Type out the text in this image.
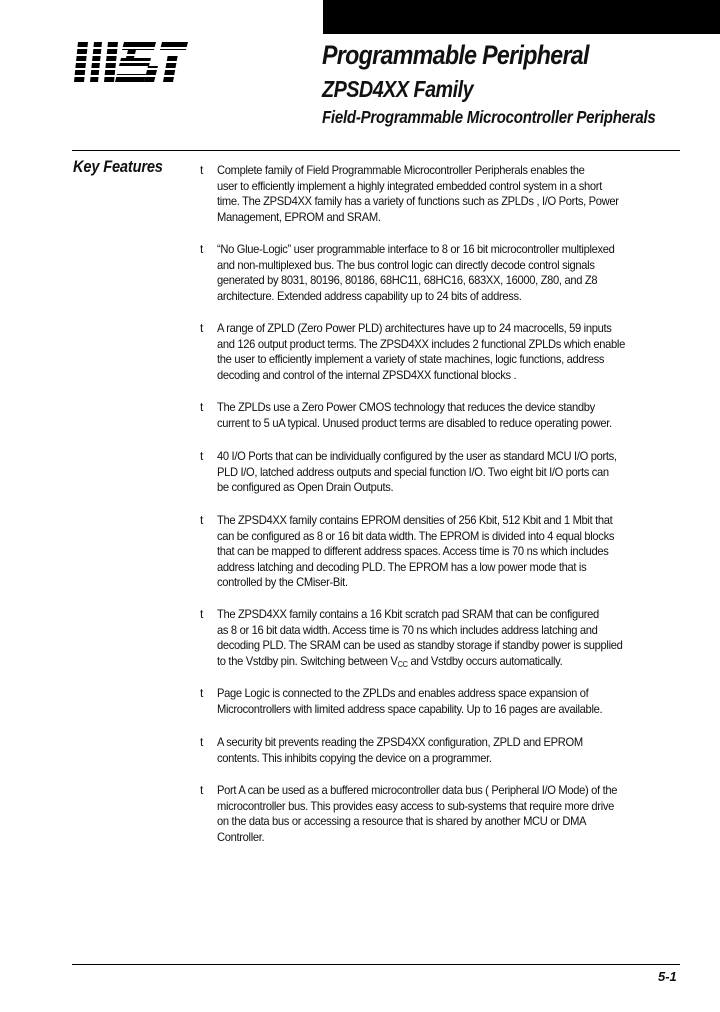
Programmable Peripheral
ZPSD4XX Family
Field-Programmable Microcontroller Peripherals
Key Features	t Complete family of Field Programmable Microcontroller Peripherals enables the
user to efficiently implement a highly integrated embedded control system in a short
time. The ZPSD4XX family has a variety of functions such as ZPLDs , I/O Ports, Power
Management, EPROM and SRAM.
t “No Glue-Logic” user programmable interface to 8 or 16 bit microcontroller multiplexed
and non-multiplexed bus. The bus control logic can directly decode control signals
generated by 8031, 80196, 80186, 68HC11, 68HC16, 683XX, 16000, Z80, and Z8
architecture. Extended address capability up to 24 bits of address.
t A range of ZPLD (Zero Power PLD) architectures have up to 24 macrocells, 59 inputs
and 126 output product terms. The ZPSD4XX includes 2 functional ZPLDs which enable
the user to efficiently implement a variety of state machines, logic functions, address
decoding and control of the internal ZPSD4XX functional blocks .
t The ZPLDs use a Zero Power CMOS technology that reduces the device standby
current to 5 uA typical. Unused product terms are disabled to reduce operating power.
t 40 I/O Ports that can be individually configured by the user as standard MCU I/O ports,
PLD I/O, latched address outputs and special function I/O. Two eight bit I/O ports can
be configured as Open Drain Outputs.
t The ZPSD4XX family contains EPROM densities of 256 Kbit, 512 Kbit and 1 Mbit that
can be configured as 8 or 16 bit data width. The EPROM is divided into 4 equal blocks
that can be mapped to different address spaces. Access time is 70 ns which includes
address latching and decoding PLD. The EPROM has a low power mode that is
controlled by the CMiser-Bit.
t The ZPSD4XX family contains a 16 Kbit scratch pad SRAM that can be configured
as 8 or 16 bit data width. Access time is 70 ns which includes address latching and
decoding PLD. The SRAM can be used as standby storage if standby power is supplied
to the Vstdby pin. Switching between $V_{CC}$ and Vstdby occurs automatically.
t Page Logic is connected to the ZPLDs and enables address space expansion of
Microcontrollers with limited address space capability. Up to 16 pages are available.
t A security bit prevents reading the ZPSD4XX configuration, ZPLD and EPROM
contents. This inhibits copying the device on a programmer.
t Port A can be used as a buffered microcontroller data bus ( Peripheral I/O Mode) of the
microcontroller bus. This provides easy access to sub-systems that require more drive
on the data bus or accessing a resource that is shared by another MCU or DMA
Controller.
5-1
